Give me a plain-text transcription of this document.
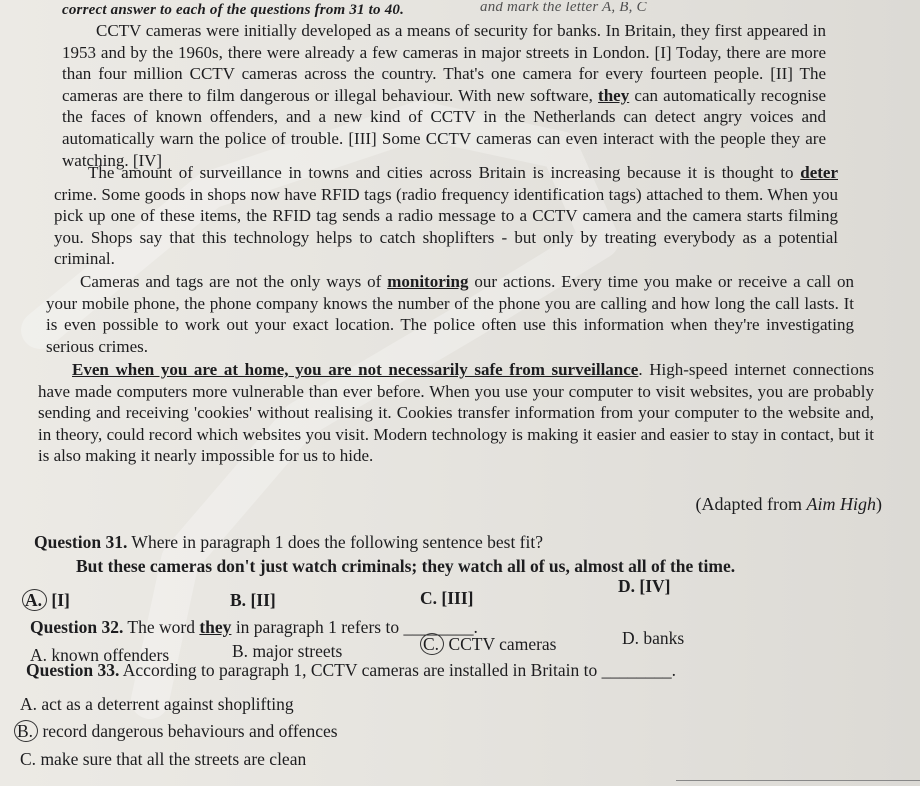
correct answer to each of the questions from 31 to 40.	and mark the letter A, B, C

CCTV cameras were initially developed as a means of security for banks. In Britain, they first appeared in 1953 and by the 1960s, there were already a few cameras in major streets in London. [I] Today, there are more than four million CCTV cameras across the country. That's one camera for every fourteen people. [II] The cameras are there to film dangerous or illegal behaviour. With new software, they can automatically recognise the faces of known offenders, and a new kind of CCTV in the Netherlands can detect angry voices and automatically warn the police of trouble. [III] Some CCTV cameras can even interact with the people they are watching. [IV]

The amount of surveillance in towns and cities across Britain is increasing because it is thought to deter crime. Some goods in shops now have RFID tags (radio frequency identification tags) attached to them. When you pick up one of these items, the RFID tag sends a radio message to a CCTV camera and the camera starts filming you. Shops say that this technology helps to catch shoplifters - but only by treating everybody as a potential criminal.

Cameras and tags are not the only ways of monitoring our actions. Every time you make or receive a call on your mobile phone, the phone company knows the number of the phone you are calling and how long the call lasts. It is even possible to work out your exact location. The police often use this information when they're investigating serious crimes.

Even when you are at home, you are not necessarily safe from surveillance. High-speed internet connections have made computers more vulnerable than ever before. When you use your computer to visit websites, you are probably sending and receiving 'cookies' without realising it. Cookies transfer information from your computer to the website and, in theory, could record which websites you visit. Modern technology is making it easier and easier to stay in contact, but it is also making it nearly impossible for us to hide.

(Adapted from Aim High)
Question 31. Where in paragraph 1 does the following sentence best fit?
But these cameras don't just watch criminals; they watch all of us, almost all of the time.
A. [I]	B. [II]	C. [III]
D. [IV]
Question 32. The word they in paragraph 1 refers to ________.
A. known offenders	B. major streets	C. CCTV cameras	D. banks
Question 33. According to paragraph 1, CCTV cameras are installed in Britain to ________.
A. act as a deterrent against shoplifting
B. record dangerous behaviours and offences
C. make sure that all the streets are clean
